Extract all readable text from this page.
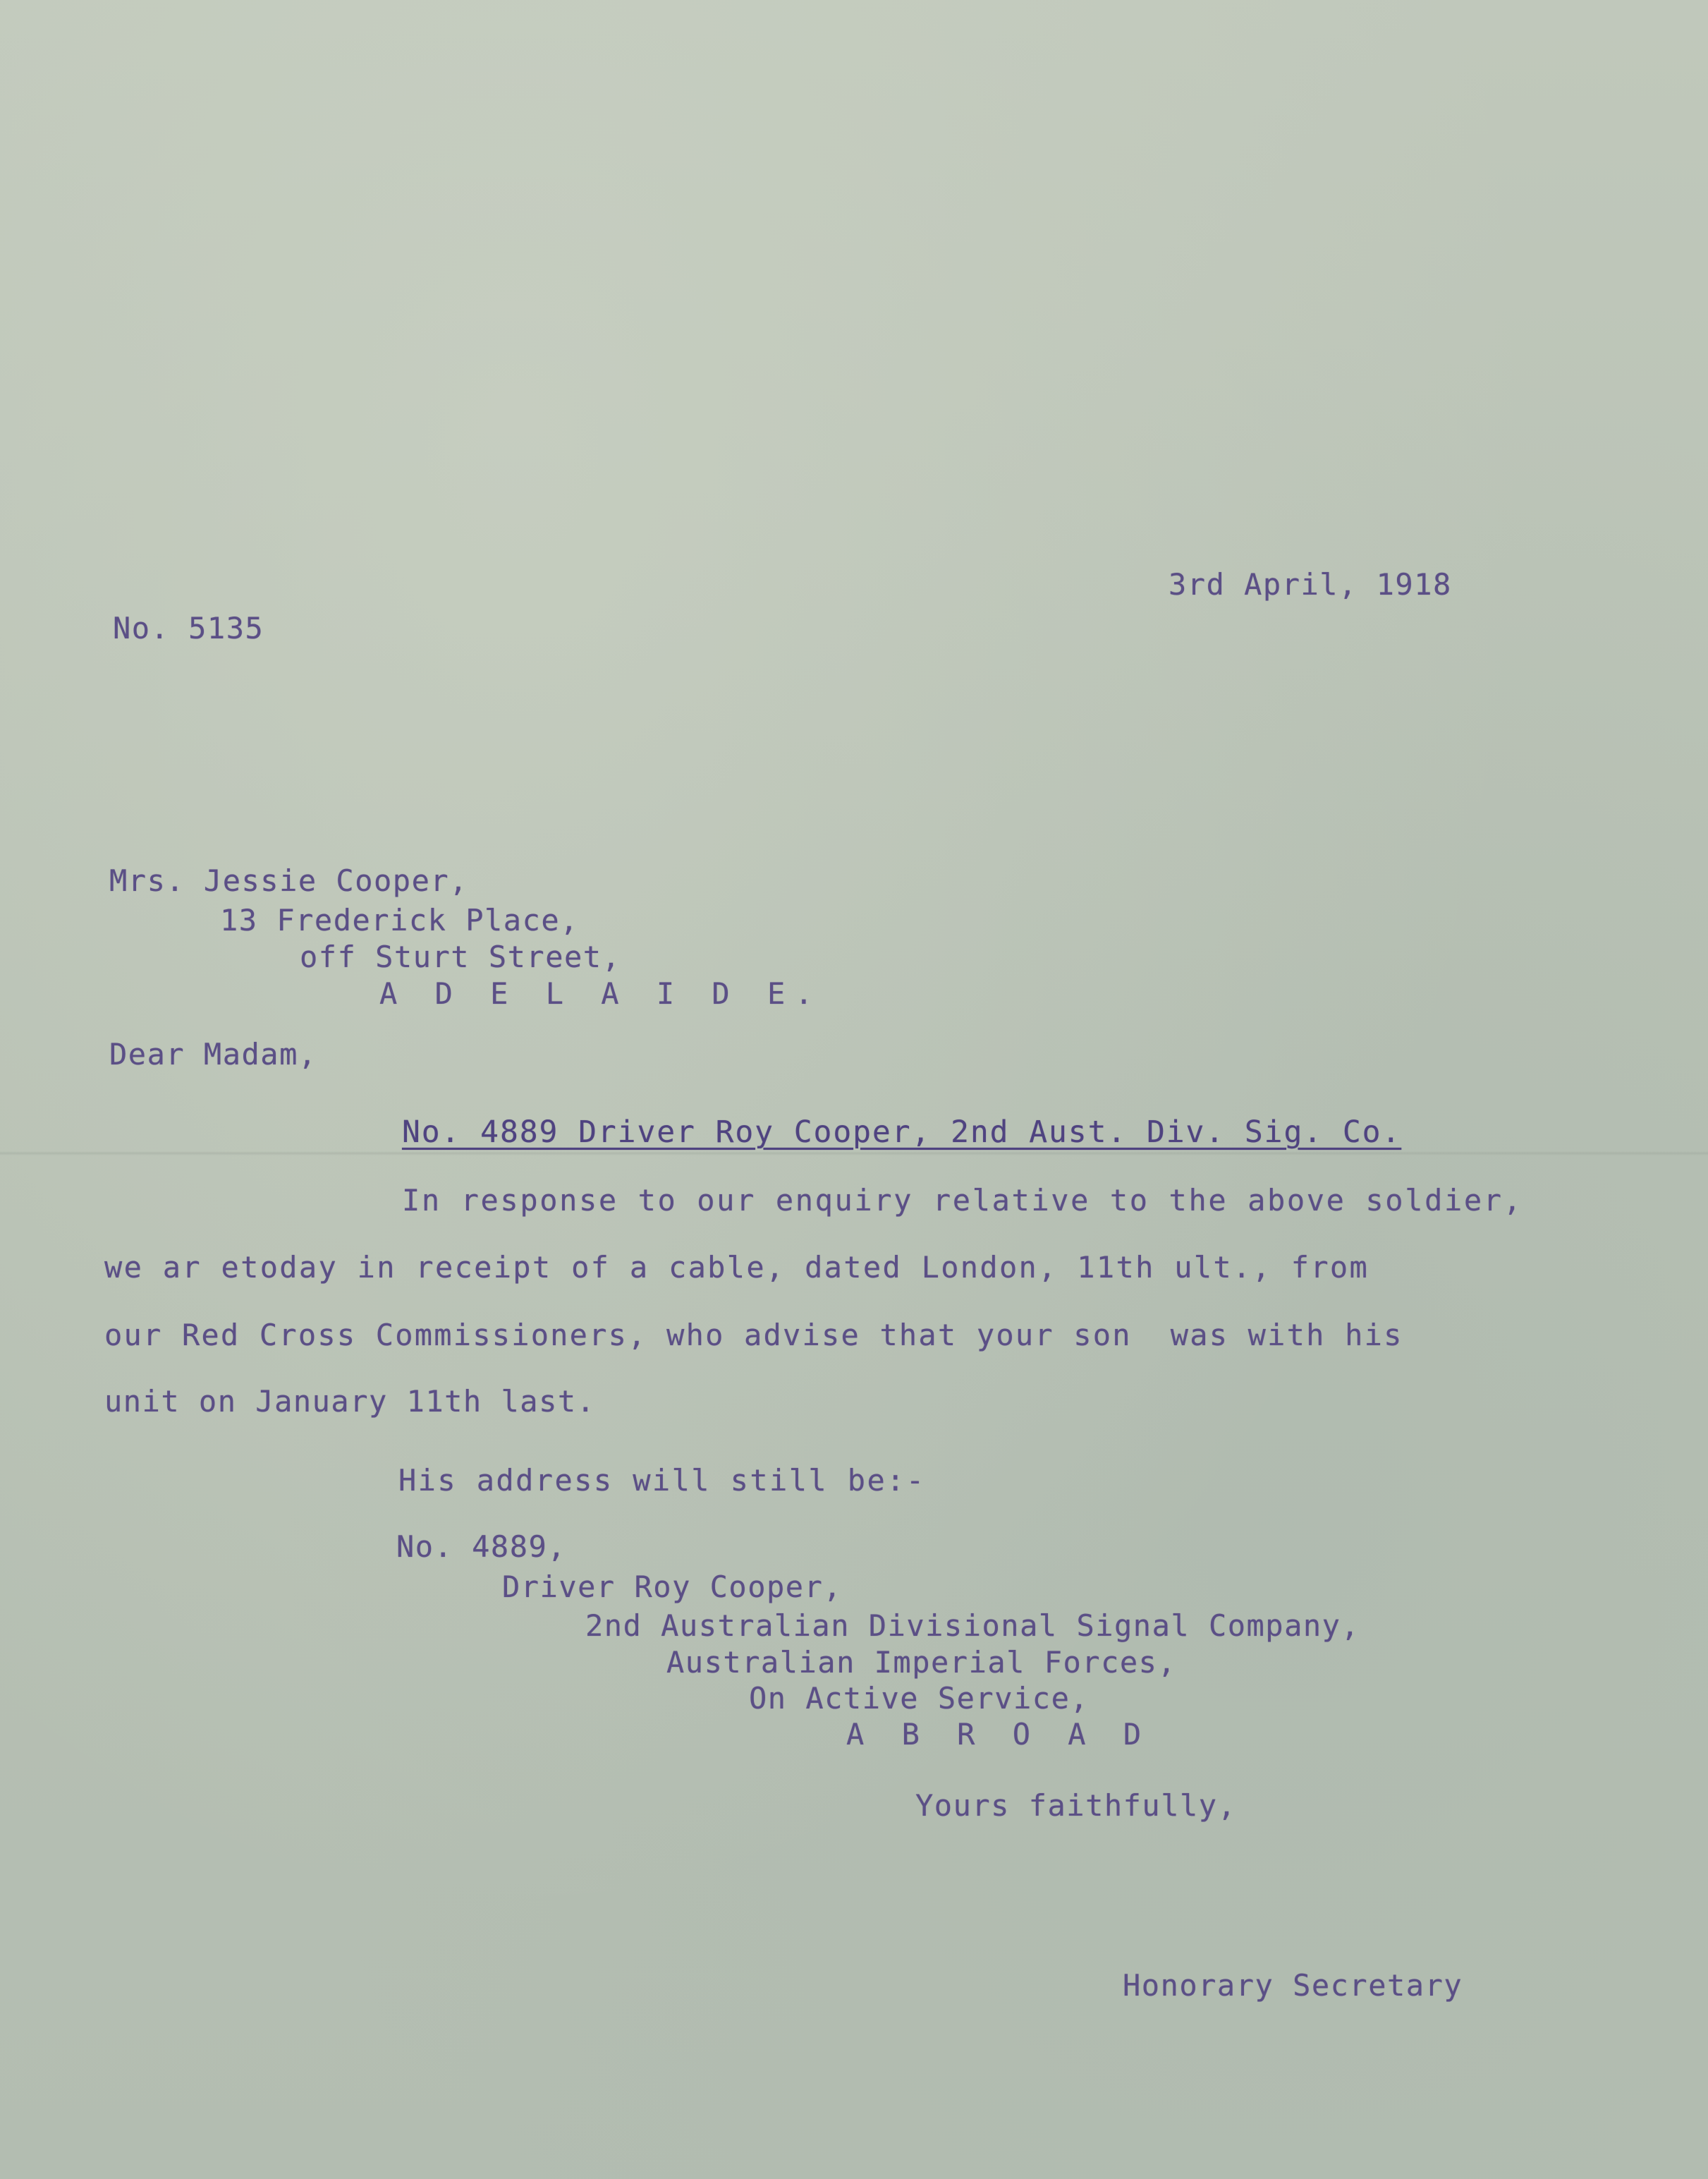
3rd April, 1918
No. 5135
Mrs. Jessie Cooper,
13 Frederick Place,
off Sturt Street,
A D E L A I D E.
Dear Madam,
No. 4889 Driver Roy Cooper, 2nd Aust. Div. Sig. Co.
In response to our enquiry relative to the above soldier,
we ar etoday in receipt of a cable, dated London, 11th ult., from
our Red Cross Commissioners, who advise that your son  was with his
unit on January 11th last.
His address will still be:-
No. 4889,
Driver Roy Cooper,
2nd Australian Divisional Signal Company,
Australian Imperial Forces,
On Active Service,
A B R O A D
Yours faithfully,
Honorary Secretary
